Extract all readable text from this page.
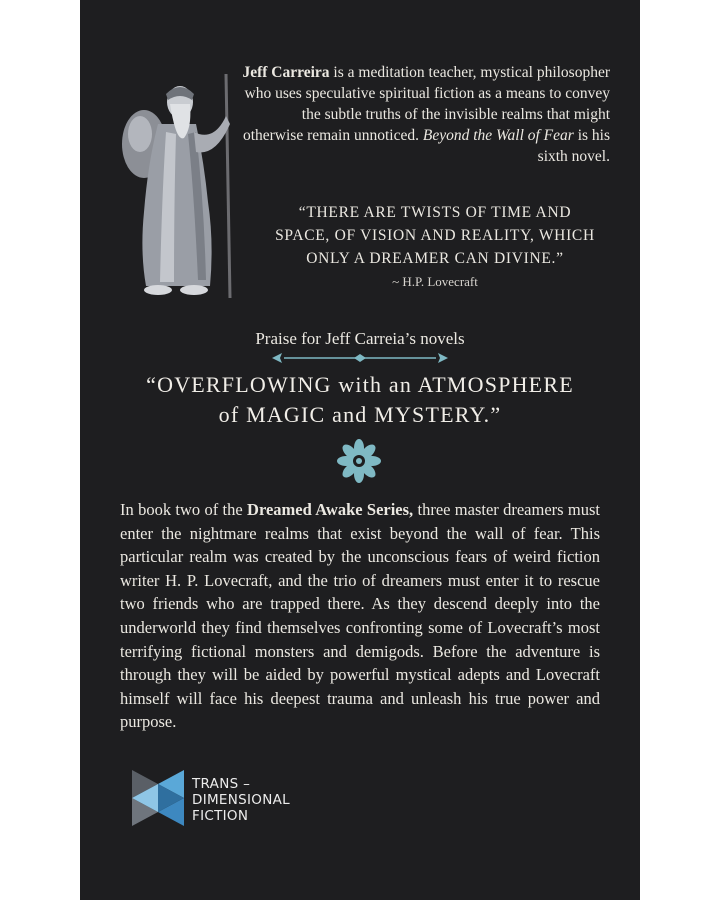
Jeff Carreira is a meditation teacher, mystical philosopher who uses speculative spiritual fiction as a means to convey the subtle truths of the invisible realms that might otherwise remain unnoticed. Beyond the Wall of Fear is his sixth novel.
“THERE ARE TWISTS OF TIME AND
SPACE, OF VISION AND REALITY, WHICH
ONLY A DREAMER CAN DIVINE.”
~ H.P. Lovecraft
Praise for Jeff Carreia’s novels
“OVERFLOWING with an ATMOSPHERE
of MAGIC and MYSTERY.”
In book two of the Dreamed Awake Series, three master dreamers must enter the nightmare realms that exist beyond the wall of fear. This particular realm was created by the unconscious fears of weird fiction writer H. P. Lovecraft, and the trio of dreamers must enter it to rescue two friends who are trapped there. As they descend deeply into the underworld they find themselves confronting some of Lovecraft’s most terrifying fictional monsters and demigods. Before the adventure is through they will be aided by powerful mystical adepts and Lovecraft himself will face his deepest trauma and unleash his true power and purpose.
TRANS –
DIMENSIONAL
FICTION
